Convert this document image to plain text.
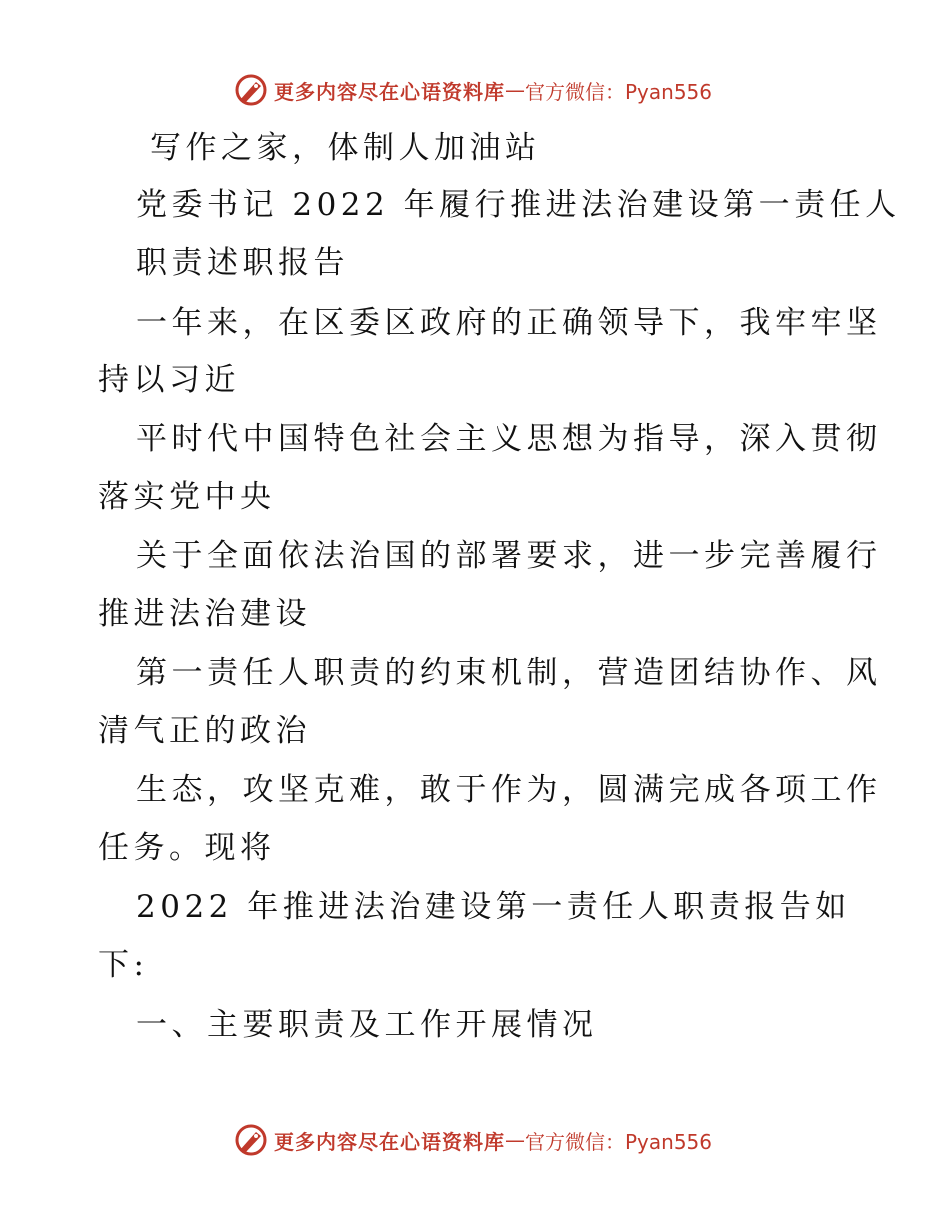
更多内容尽在心语资料库 — 官方微信：Pyan556
写作之家，体制人加油站
党委书记 2022 年履行推进法治建设第一责任人
职责述职报告
一年来，在区委区政府的正确领导下，我牢牢坚
持以习近
平时代中国特色社会主义思想为指导，深入贯彻
落实党中央
关于全面依法治国的部署要求，进一步完善履行
推进法治建设
第一责任人职责的约束机制，营造团结协作、风
清气正的政治
生态，攻坚克难，敢于作为，圆满完成各项工作
任务。现将
2022 年推进法治建设第一责任人职责报告如
下:
一、主要职责及工作开展情况
更多内容尽在心语资料库 — 官方微信：Pyan556
